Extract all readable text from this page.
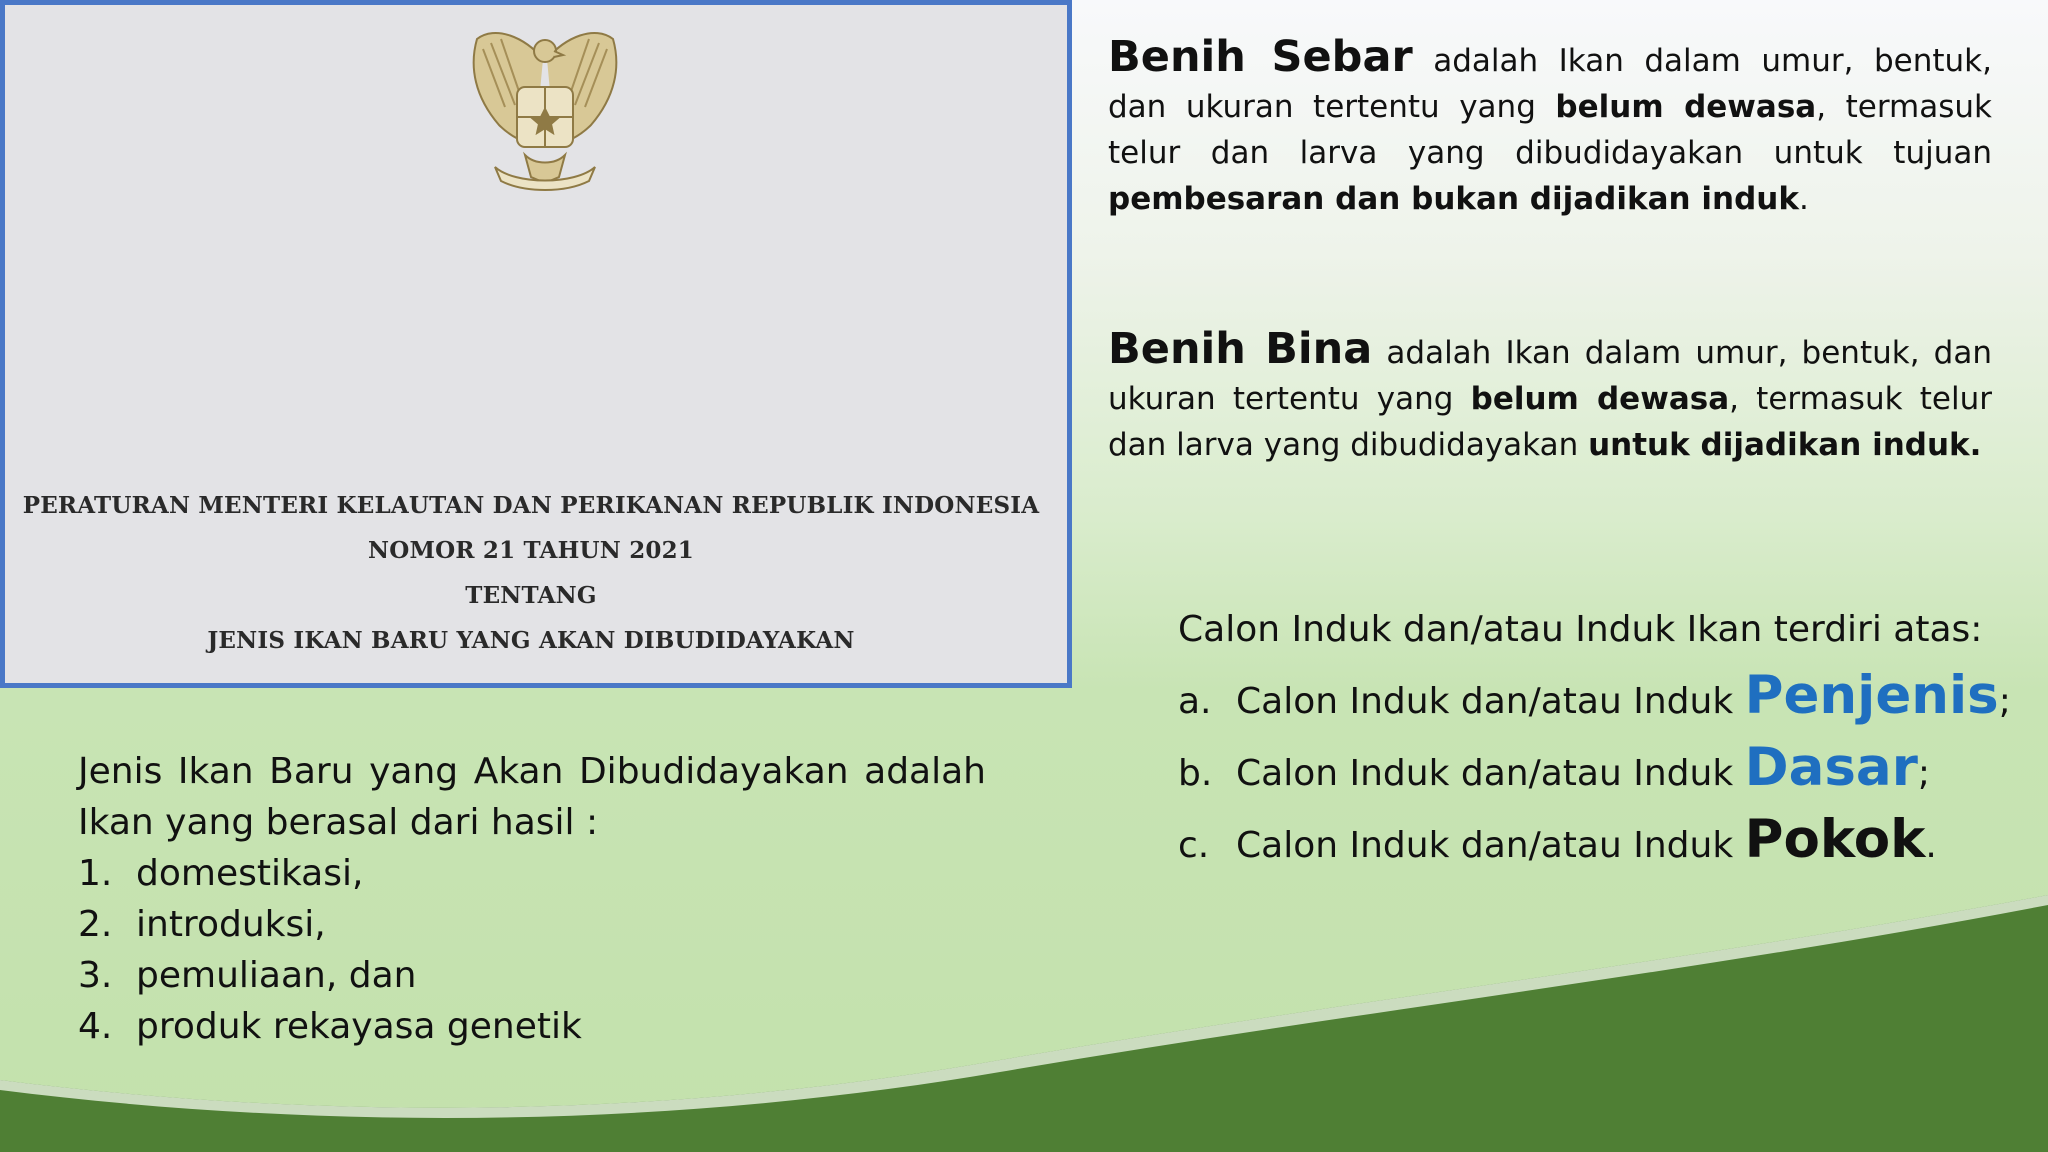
PERATURAN MENTERI KELAUTAN DAN PERIKANAN REPUBLIK INDONESIA
NOMOR 21 TAHUN 2021
TENTANG
JENIS IKAN BARU YANG AKAN DIBUDIDAYAKAN

Benih Sebar adalah Ikan dalam umur, bentuk, dan ukuran tertentu yang belum dewasa, termasuk telur dan larva yang dibudidayakan untuk tujuan pembesaran dan bukan dijadikan induk.

Benih Bina adalah Ikan dalam umur, bentuk, dan ukuran tertentu yang belum dewasa, termasuk telur dan larva yang dibudidayakan untuk dijadikan induk.

Calon Induk dan/atau Induk Ikan terdiri atas:
a. Calon Induk dan/atau Induk Penjenis;
b. Calon Induk dan/atau Induk Dasar;
c. Calon Induk dan/atau Induk Pokok.

Jenis Ikan Baru yang Akan Dibudidayakan adalah Ikan yang berasal dari hasil :

1. domestikasi,
2. introduksi,
3. pemuliaan, dan
4. produk rekayasa genetik
